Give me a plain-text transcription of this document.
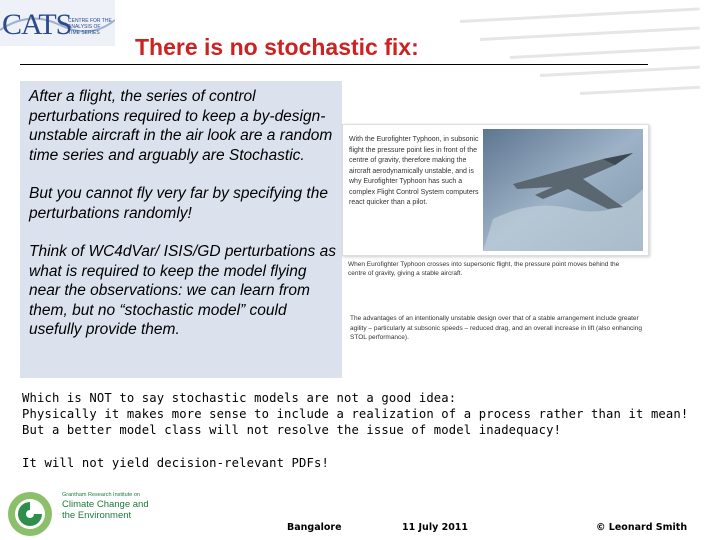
CATS
CENTRE FOR THE ANALYSIS OF TIME SERIES
There is no stochastic fix:

After a flight, the series of control perturbations required to keep a by-design-unstable aircraft in the air look are a random time series and arguably are Stochastic.

But you cannot fly very far by specifying the perturbations randomly!

Think of WC4dVar/ ISIS/GD perturbations as what is required to keep the model flying near the observations: we can learn from them, but no “stochastic model” could usefully provide them.

With the Eurofighter Typhoon, in subsonic flight the pressure point lies in front of the centre of gravity, therefore making the aircraft aerodynamically unstable, and is why Eurofighter Typhoon has such a complex Flight Control System computers react quicker than a pilot.
When Eurofighter Typhoon crosses into supersonic flight, the pressure point moves behind the centre of gravity, giving a stable aircraft.
The advantages of an intentionally unstable design over that of a stable arrangement include greater agility – particularly at subsonic speeds – reduced drag, and an overall increase in lift (also enhancing STOL performance).
Which is NOT to say stochastic models are not a good idea:
Physically it makes more sense to include a realization of a process rather than it mean!
But a better model class will not resolve the issue of model inadequacy!
It will not yield decision-relevant PDFs!
Grantham Research Institute on
Climate Change and
the Environment
Bangalore	11 July 2011	© Leonard Smith
